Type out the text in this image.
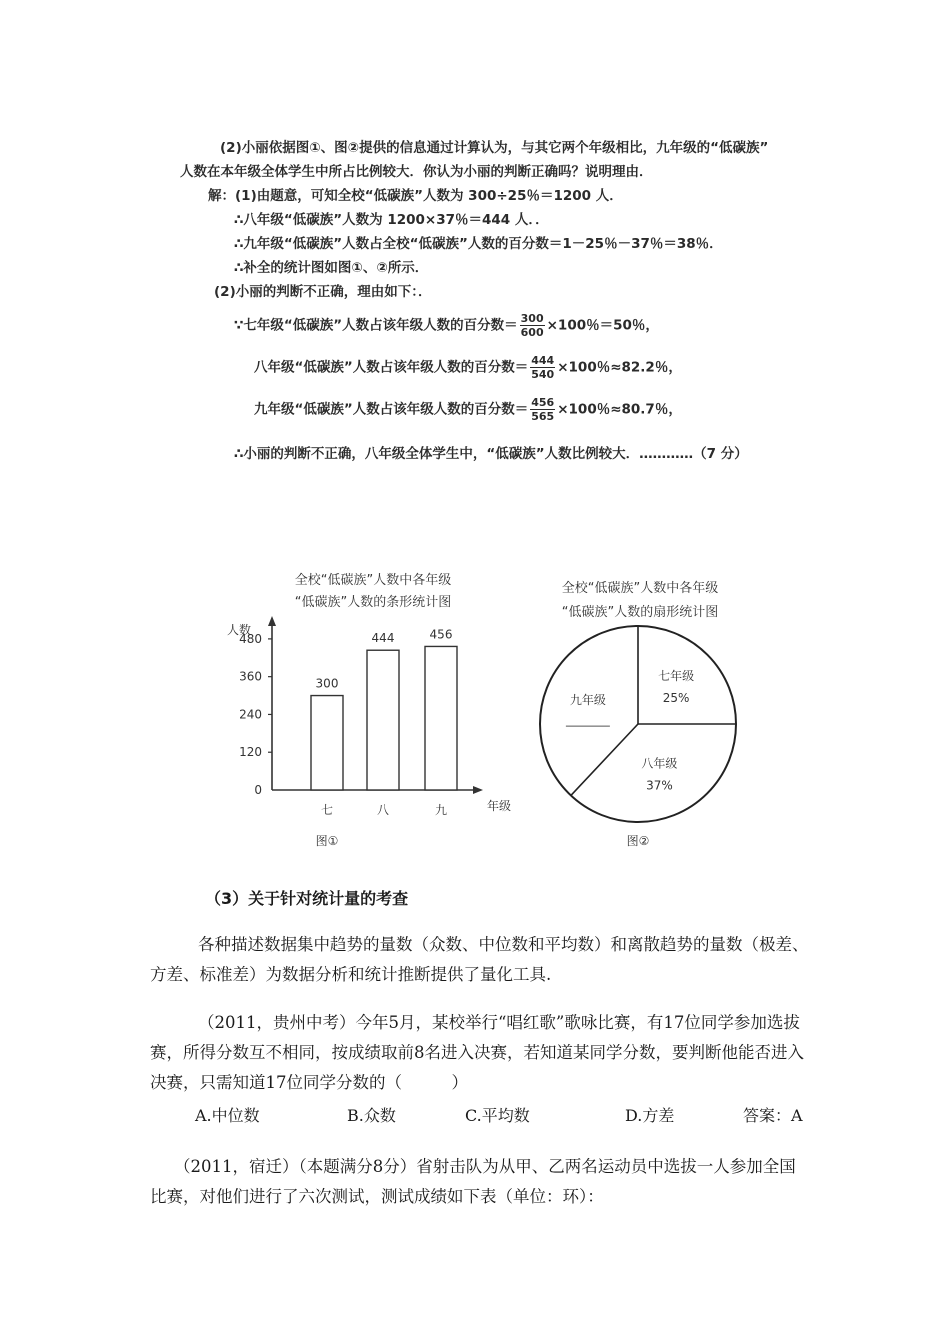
(2)小丽依据图①、图②提供的信息通过计算认为，与其它两个年级相比，九年级的“低碳族”
人数在本年级全体学生中所占比例较大．你认为小丽的判断正确吗？说明理由．
解：(1)由题意，可知全校“低碳族”人数为 300÷25％＝1200 人．
∴八年级“低碳族”人数为 1200×37％＝444 人．．
∴九年级“低碳族”人数占全校“低碳族”人数的百分数＝1－25％－37％＝38％．
∴补全的统计图如图①、②所示．
(2)小丽的判断不正确，理由如下：．
∵七年级“低碳族”人数占该年级人数的百分数＝ $\frac{300}{600} \times 100$％＝50％，
八年级“低碳族”人数占该年级人数的百分数＝ $\frac{444}{540} \times 100$％≈82.2％，
九年级“低碳族”人数占该年级人数的百分数＝ $\frac{456}{565} \times 100$％≈80.7％，
∴小丽的判断不正确，八年级全体学生中，“低碳族”人数比例较大．…………（7 分）
全校“低碳族”人数中各年级
“低碳族”人数的条形统计图
人数
0
120
240
360
480
300
七
444
八
456
九	年级
图①
全校“低碳族”人数中各年级
“低碳族”人数的扇形统计图
七年级
25%
八年级
37%
九年级
图②
（3）关于针对统计量的考查
各种描述数据集中趋势的量数（众数、中位数和平均数）和离散趋势的量数（极差、方差、标准差）为数据分析和统计推断提供了量化工具.
（2011，贵州中考）今年5月，某校举行“唱红歌”歌咏比赛，有17位同学参加选拔赛，所得分数互不相同，按成绩取前8名进入决赛，若知道某同学分数，要判断他能否进入决赛，只需知道17位同学分数的（　　　）
A.中位数	B.众数	C.平均数	D.方差	答案：A
（2011，宿迁）（本题满分8分）省射击队为从甲、乙两名运动员中选拔一人参加全国比赛，对他们进行了六次测试，测试成绩如下表（单位：环）：
